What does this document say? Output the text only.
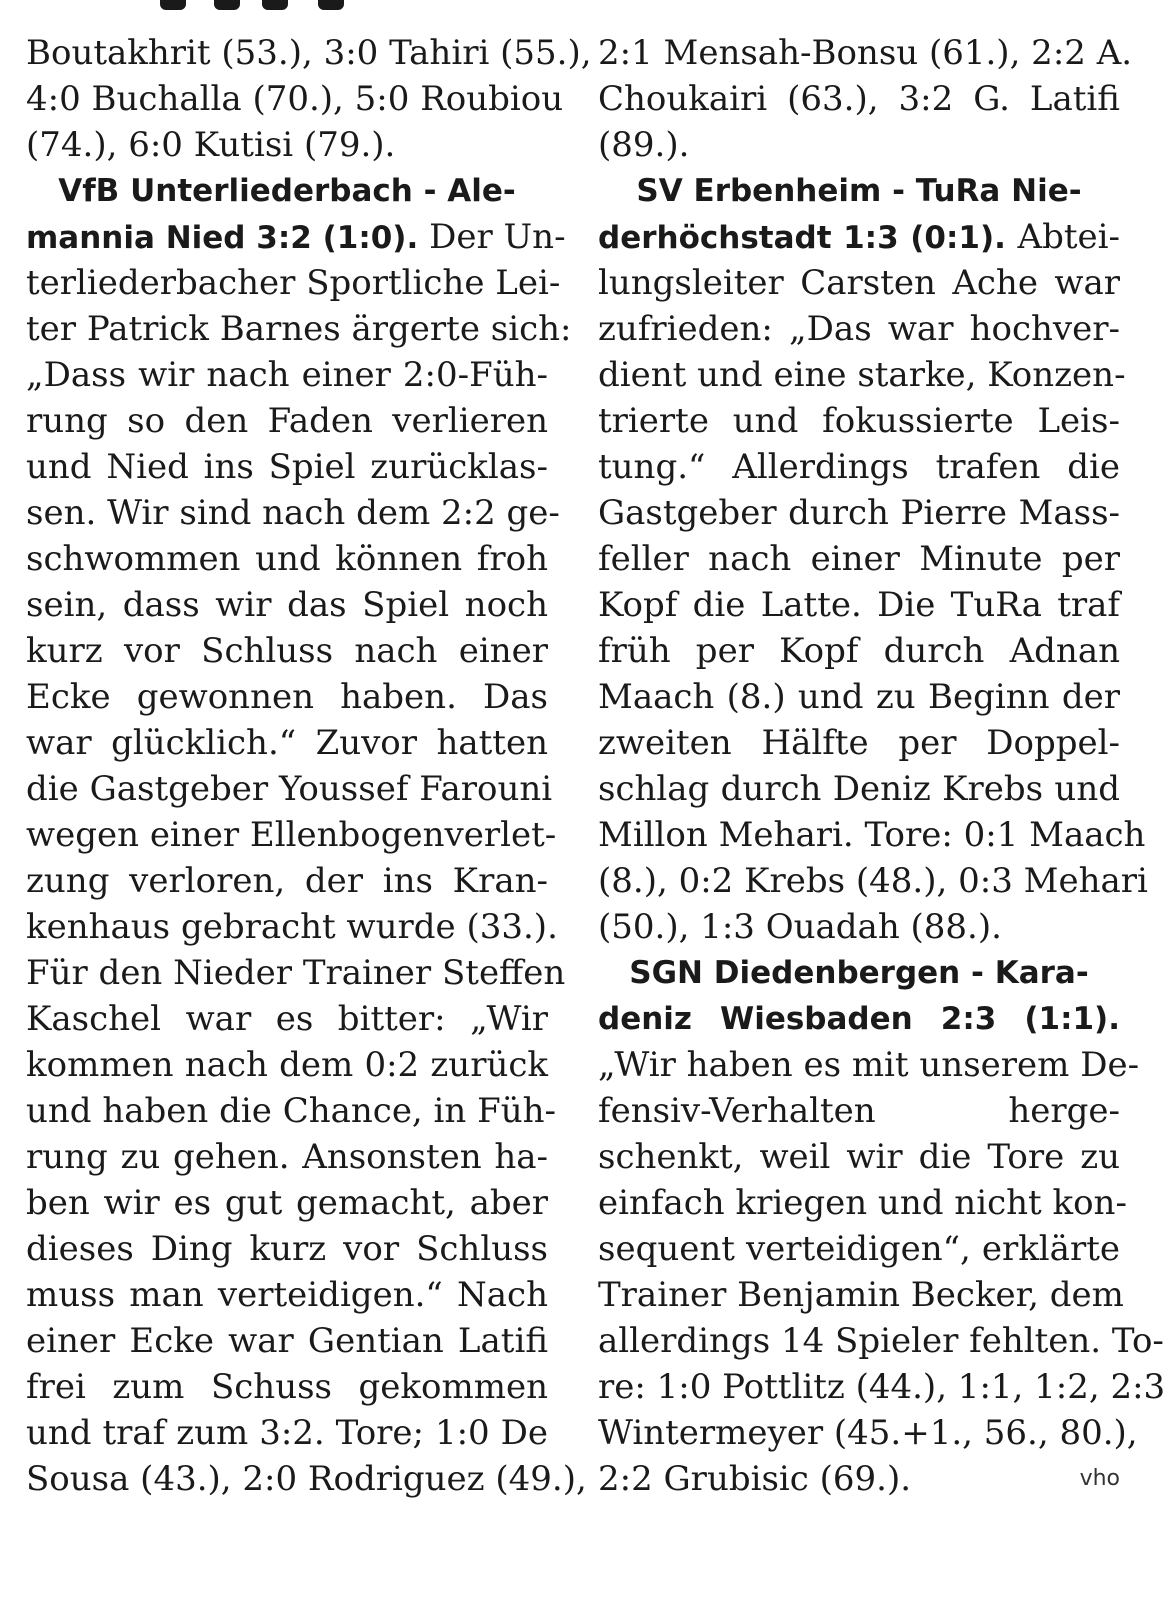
Boutakhrit (53.), 3:0 Tahiri (55.),
4:0 Buchalla (70.), 5:0 Roubiou
(74.), 6:0 Kutisi (79.).
VfB Unterliederbach - Ale-
mannia Nied 3:2 (1:0). Der Un-
terliederbacher Sportliche Lei-
ter Patrick Barnes ärgerte sich:
„Dass wir nach einer 2:0-Füh-
rung so den Faden verlieren
und Nied ins Spiel zurücklas-
sen. Wir sind nach dem 2:2 ge-
schwommen und können froh
sein, dass wir das Spiel noch
kurz vor Schluss nach einer
Ecke gewonnen haben. Das
war glücklich.“ Zuvor hatten
die Gastgeber Youssef Farouni
wegen einer Ellenbogenverlet-
zung verloren, der ins Kran-
kenhaus gebracht wurde (33.).
Für den Nieder Trainer Steffen
Kaschel war es bitter: „Wir
kommen nach dem 0:2 zurück
und haben die Chance, in Füh-
rung zu gehen. Ansonsten ha-
ben wir es gut gemacht, aber
dieses Ding kurz vor Schluss
muss man verteidigen.“ Nach
einer Ecke war Gentian Latifi
frei zum Schuss gekommen
und traf zum 3:2. Tore; 1:0 De
Sousa (43.), 2:0 Rodriguez (49.),
2:1 Mensah-Bonsu (61.), 2:2 A.
Choukairi (63.), 3:2 G. Latifi
(89.).
SV Erbenheim - TuRa Nie-
derhöchstadt 1:3 (0:1). Abtei-
lungsleiter Carsten Ache war
zufrieden: „Das war hochver-
dient und eine starke, Konzen-
trierte und fokussierte Leis-
tung.“ Allerdings trafen die
Gastgeber durch Pierre Mass-
feller nach einer Minute per
Kopf die Latte. Die TuRa traf
früh per Kopf durch Adnan
Maach (8.) und zu Beginn der
zweiten Hälfte per Doppel-
schlag durch Deniz Krebs und
Millon Mehari. Tore: 0:1 Maach
(8.), 0:2 Krebs (48.), 0:3 Mehari
(50.), 1:3 Ouadah (88.).
SGN Diedenbergen - Kara-
deniz Wiesbaden 2:3 (1:1).
„Wir haben es mit unserem De-
fensiv-Verhalten herge-
schenkt, weil wir die Tore zu
einfach kriegen und nicht kon-
sequent verteidigen“, erklärte
Trainer Benjamin Becker, dem
allerdings 14 Spieler fehlten. To-
re: 1:0 Pottlitz (44.), 1:1, 1:2, 2:3
Wintermeyer (45.+1., 56., 80.),
2:2 Grubisic (69.).	vho
